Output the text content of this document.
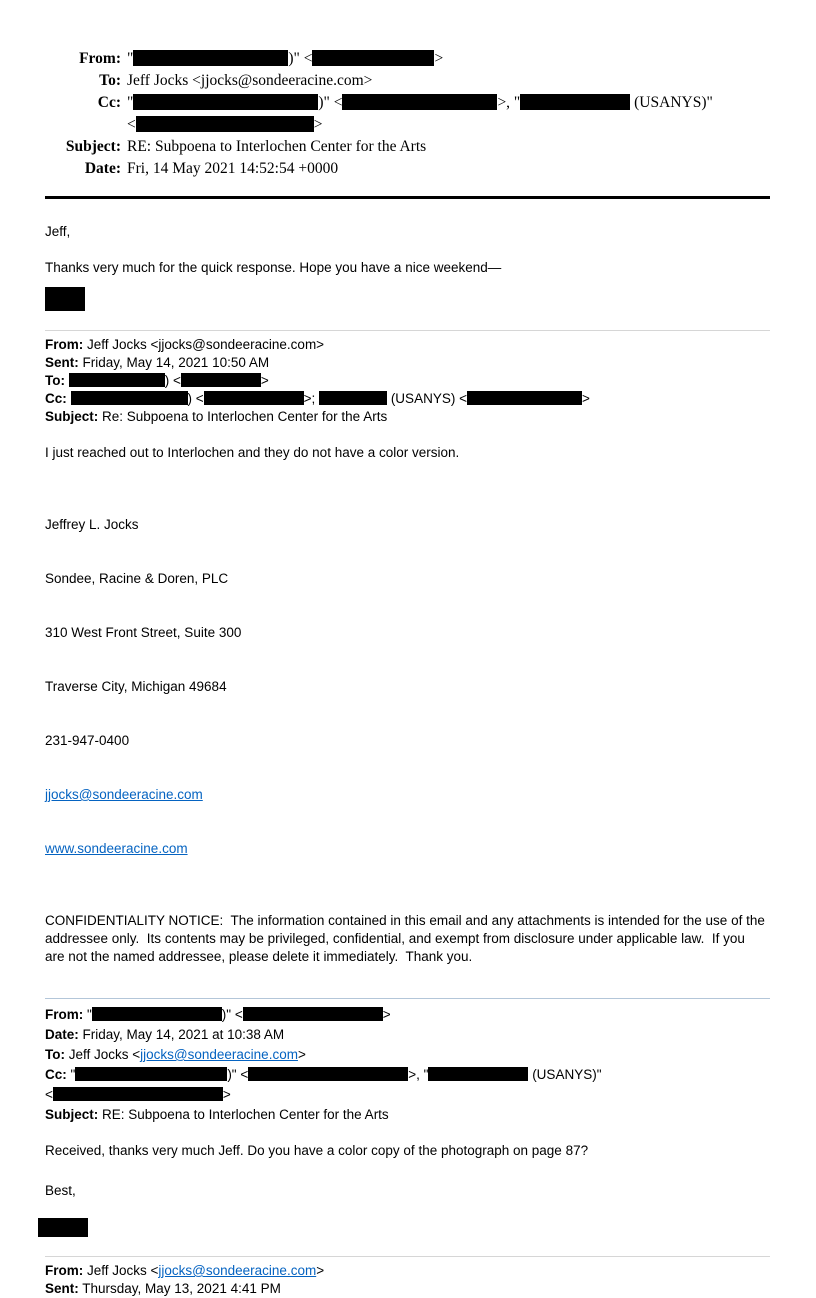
From: "	)" <	>
To: Jeff Jocks <jjocks@sondeeracine.com>
Cc: "	)" <	>, "	(USANYS)"
<	>
Subject: RE: Subpoena to Interlochen Center for the Arts
Date: Fri, 14 May 2021 14:52:54 +0000

Jeff,

Thanks very much for the quick response. Hope you have a nice weekend—

From: Jeff Jocks <jjocks@sondeeracine.com>

Sent: Friday, May 14, 2021 10:50 AM

To:	) <	>

Cc:	) <	>;	(USANYS) <	>

Subject: Re: Subpoena to Interlochen Center for the Arts

I just reached out to Interlochen and they do not have a color version.

Jeffrey L. Jocks

Sondee, Racine & Doren, PLC

310 West Front Street, Suite 300

Traverse City, Michigan 49684

231-947-0400

jjocks@sondeeracine.com

www.sondeeracine.com

CONFIDENTIALITY NOTICE:  The information contained in this email and any attachments is intended for the use of the addressee only.  Its contents may be privileged, confidential, and exempt from disclosure under applicable law.  If you are not the named addressee, please delete it immediately.  Thank you.

From: "	)" <	>

Date: Friday, May 14, 2021 at 10:38 AM

To: Jeff Jocks <jjocks@sondeeracine.com>

Cc: "	)" <	>, "	(USANYS)"
<	>

Subject: RE: Subpoena to Interlochen Center for the Arts

Received, thanks very much Jeff. Do you have a color copy of the photograph on page 87?

Best,

From: Jeff Jocks <jjocks@sondeeracine.com>

Sent: Thursday, May 13, 2021 4:41 PM
